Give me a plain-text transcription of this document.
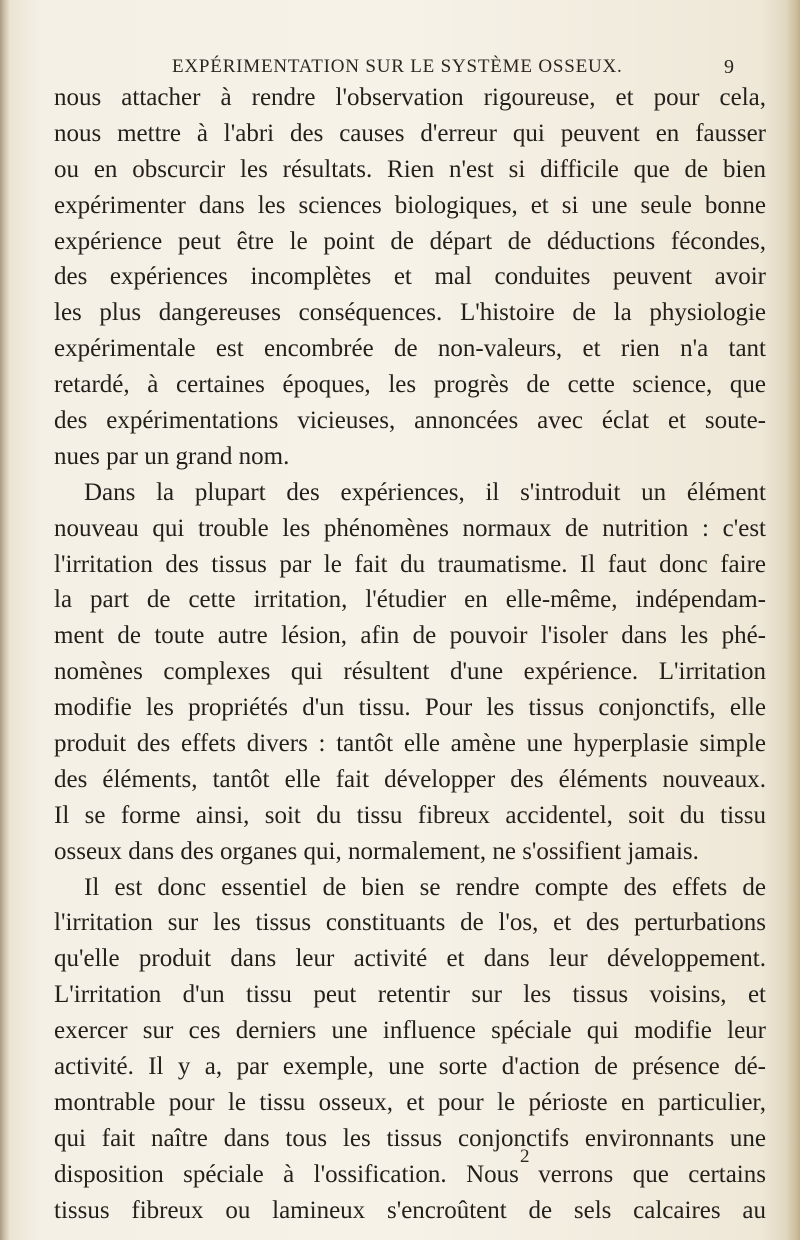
EXPÉRIMENTATION SUR LE SYSTÈME OSSEUX.	9
nous attacher à rendre l'observation rigoureuse, et pour cela,
nous mettre à l'abri des causes d'erreur qui peuvent en fausser
ou en obscurcir les résultats. Rien n'est si difficile que de bien
expérimenter dans les sciences biologiques, et si une seule bonne
expérience peut être le point de départ de déductions fécondes,
des expériences incomplètes et mal conduites peuvent avoir
les plus dangereuses conséquences. L'histoire de la physiologie
expérimentale est encombrée de non-valeurs, et rien n'a tant
retardé, à certaines époques, les progrès de cette science, que
des expérimentations vicieuses, annoncées avec éclat et soute-
nues par un grand nom.
Dans la plupart des expériences, il s'introduit un élément
nouveau qui trouble les phénomènes normaux de nutrition : c'est
l'irritation des tissus par le fait du traumatisme. Il faut donc faire
la part de cette irritation, l'étudier en elle-même, indépendam-
ment de toute autre lésion, afin de pouvoir l'isoler dans les phé-
nomènes complexes qui résultent d'une expérience. L'irritation
modifie les propriétés d'un tissu. Pour les tissus conjonctifs, elle
produit des effets divers : tantôt elle amène une hyperplasie simple
des éléments, tantôt elle fait développer des éléments nouveaux.
Il se forme ainsi, soit du tissu fibreux accidentel, soit du tissu
osseux dans des organes qui, normalement, ne s'ossifient jamais.
Il est donc essentiel de bien se rendre compte des effets de
l'irritation sur les tissus constituants de l'os, et des perturbations
qu'elle produit dans leur activité et dans leur développement.
L'irritation d'un tissu peut retentir sur les tissus voisins, et
exercer sur ces derniers une influence spéciale qui modifie leur
activité. Il y a, par exemple, une sorte d'action de présence dé-
montrable pour le tissu osseux, et pour le périoste en particulier,
qui fait naître dans tous les tissus conjonctifs environnants une
disposition spéciale à l'ossification. Nous verrons que certains
tissus fibreux ou lamineux s'encroûtent de sels calcaires au
2
